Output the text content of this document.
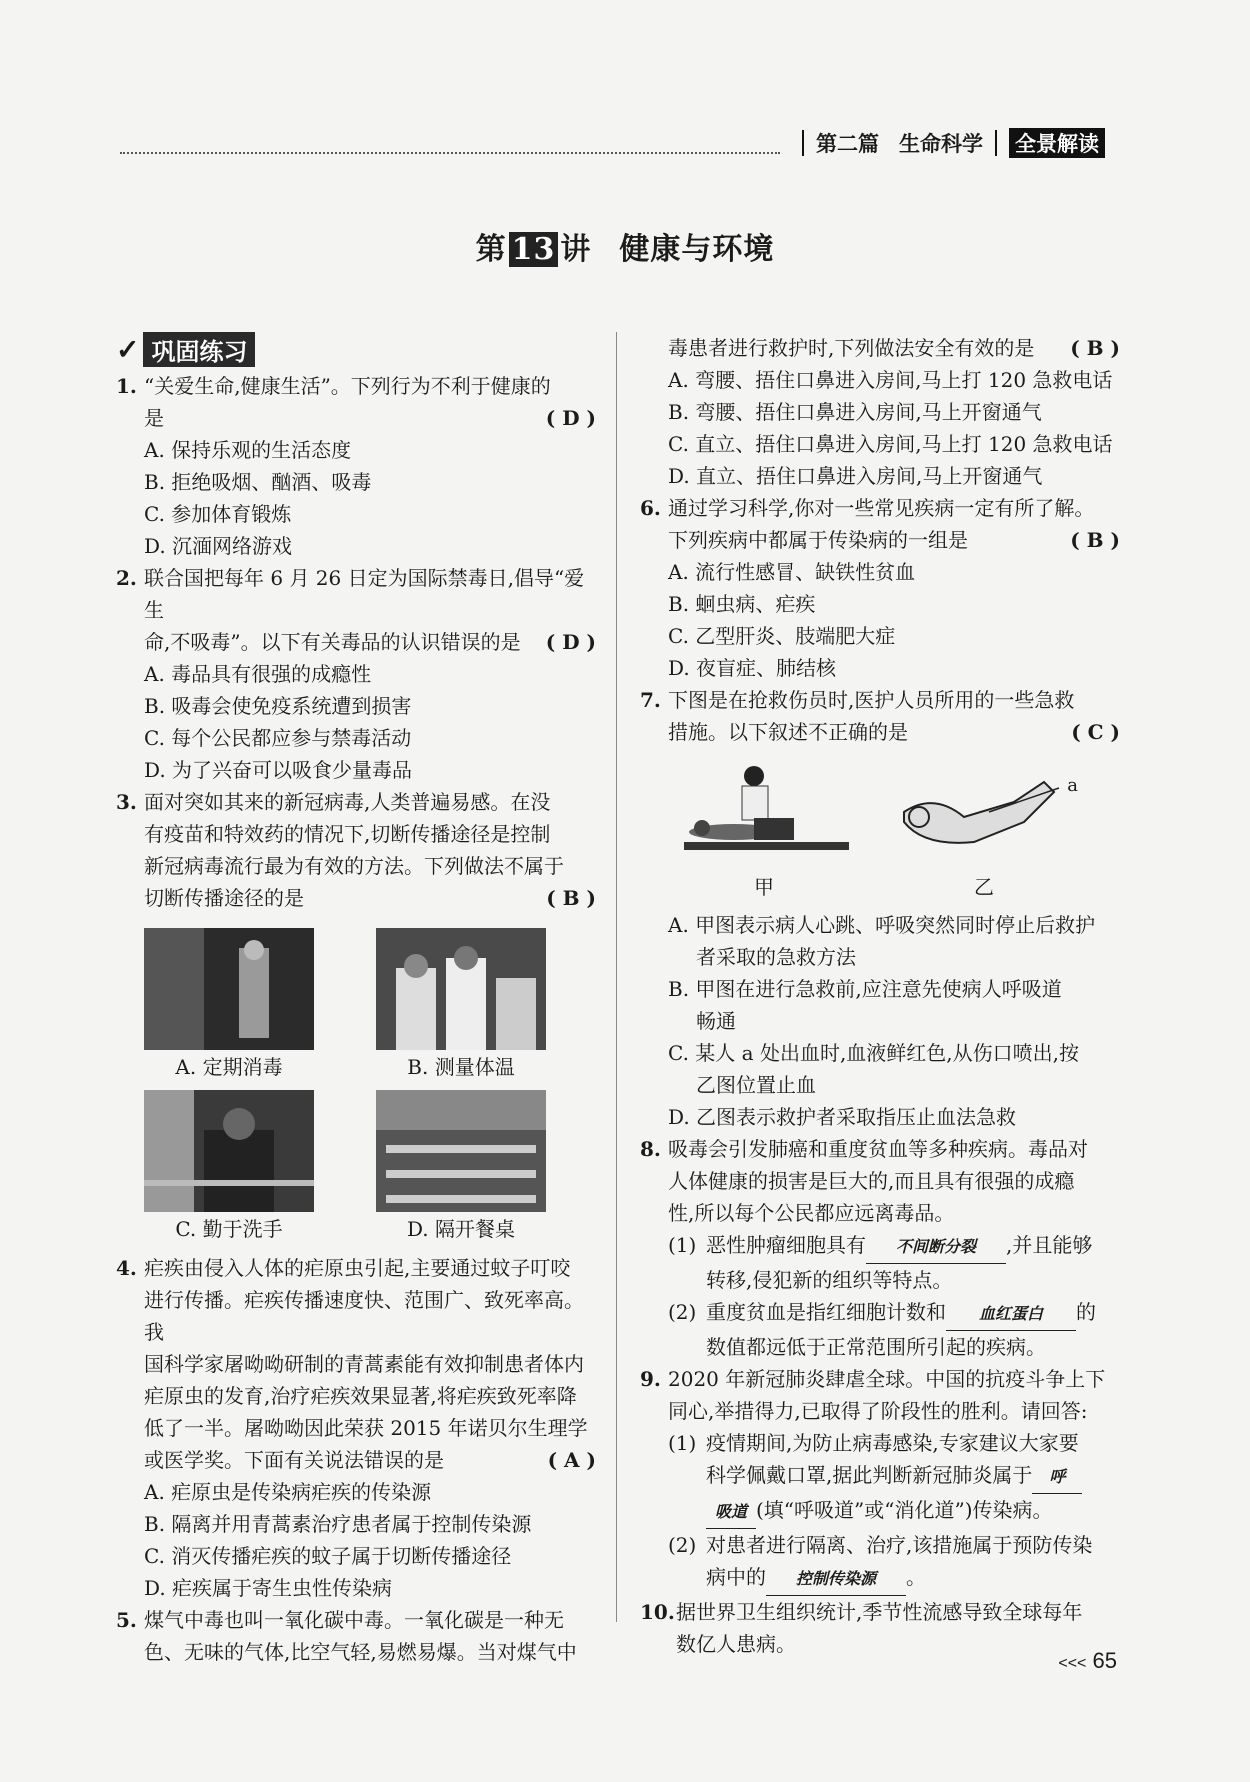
第二篇 生命科学 全景解读
第 13 讲 健康与环境
✓ 巩固练习
1. “关爱生命,健康生活”。下列行为不利于健康的

是	( D )

A. 保持乐观的生活态度

B. 拒绝吸烟、酗酒、吸毒

C. 参加体育锻炼

D. 沉湎网络游戏

2. 联合国把每年 6 月 26 日定为国际禁毒日,倡导“爱生

命,不吸毒”。以下有关毒品的认识错误的是 ( D )

A. 毒品具有很强的成瘾性

B. 吸毒会使免疫系统遭到损害

C. 每个公民都应参与禁毒活动

D. 为了兴奋可以吸食少量毒品

3. 面对突如其来的新冠病毒,人类普遍易感。在没

有疫苗和特效药的情况下,切断传播途径是控制

新冠病毒流行最为有效的方法。下列做法不属于

切断传播途径的是	( B )

A. 定期消毒	B. 测量体温
C. 勤于洗手	D. 隔开餐桌
4. 疟疾由侵入人体的疟原虫引起,主要通过蚊子叮咬

进行传播。疟疾传播速度快、范围广、致死率高。我

国科学家屠呦呦研制的青蒿素能有效抑制患者体内

疟原虫的发育,治疗疟疾效果显著,将疟疾致死率降

低了一半。屠呦呦因此荣获 2015 年诺贝尔生理学

或医学奖。下面有关说法错误的是	( A )

A. 疟原虫是传染病疟疾的传染源

B. 隔离并用青蒿素治疗患者属于控制传染源

C. 消灭传播疟疾的蚊子属于切断传播途径

D. 疟疾属于寄生虫性传染病

5. 煤气中毒也叫一氧化碳中毒。一氧化碳是一种无

色、无味的气体,比空气轻,易燃易爆。当对煤气中

毒患者进行救护时,下列做法安全有效的是 ( B )

A. 弯腰、捂住口鼻进入房间,马上打 120 急救电话

B. 弯腰、捂住口鼻进入房间,马上开窗通气

C. 直立、捂住口鼻进入房间,马上打 120 急救电话

D. 直立、捂住口鼻进入房间,马上开窗通气

6. 通过学习科学,你对一些常见疾病一定有所了解。

下列疾病中都属于传染病的一组是	( B )

A. 流行性感冒、缺铁性贫血

B. 蛔虫病、疟疾

C. 乙型肝炎、肢端肥大症

D. 夜盲症、肺结核

7. 下图是在抢救伤员时,医护人员所用的一些急救

措施。以下叙述不正确的是	( C )

甲
a
乙

A. 甲图表示病人心跳、呼吸突然同时停止后救护

者采取的急救方法

B. 甲图在进行急救前,应注意先使病人呼吸道

畅通

C. 某人 a 处出血时,血液鲜红色,从伤口喷出,按

乙图位置止血

D. 乙图表示救护者采取指压止血法急救

8. 吸毒会引发肺癌和重度贫血等多种疾病。毒品对

人体健康的损害是巨大的,而且具有很强的成瘾

性,所以每个公民都应远离毒品。

(1) 恶性肿瘤细胞具有 不间断分裂 ,并且能够

转移,侵犯新的组织等特点。

(2) 重度贫血是指红细胞计数和 血红蛋白 的

数值都远低于正常范围所引起的疾病。

9. 2020 年新冠肺炎肆虐全球。中国的抗疫斗争上下

同心,举措得力,已取得了阶段性的胜利。请回答:

(1) 疫情期间,为防止病毒感染,专家建议大家要

科学佩戴口罩,据此判断新冠肺炎属于 呼

吸道 (填“呼吸道”或“消化道”)传染病。

(2) 对患者进行隔离、治疗,该措施属于预防传染

病中的 控制传染源 。

10. 据世界卫生组织统计,季节性流感导致全球每年

数亿人患病。

<<< 65
